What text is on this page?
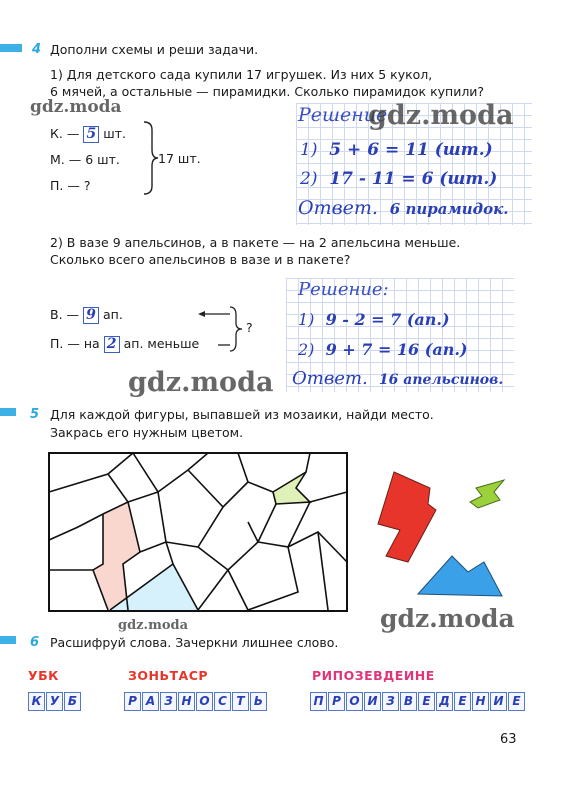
4 Дополни схемы и реши задачи.
1) Для детского сада купили 17 игрушек. Из них 5 кукол,
6 мячей, а остальные — пирамидки. Сколько пирамидок купили?
К. — 5 шт.
М. — 6 шт.
П. — ?
17 шт.
Решение
1) 5 + 6 = 11 (шт.)
2) 17 - 11 = 6 (шт.)
Ответ. 6 пирамидок.
2) В вазе 9 апельсинов, а в пакете — на 2 апельсина меньше.
Сколько всего апельсинов в вазе и в пакете?
В. — 9 ап.
П. — на 2 ап. меньше
?
Решение:
1) 9 - 2 = 7 (ап.)
2) 9 + 7 = 16 (ап.)
Ответ. 16 апельсинов.
5 Для каждой фигуры, выпавшей из мозаики, найди место.
Закрась его нужным цветом.
6 Расшифруй слова. Зачеркни лишнее слово.
УБК	ЗОНЬТАСР	РИПОЗЕВДЕИНЕ
К У Б	Р А З Н О С Т Ь	П Р О И З В Е Д Е Н И Е
63
gdz.moda	gdz.moda
gdz.moda
gdz.moda
gdz.moda
